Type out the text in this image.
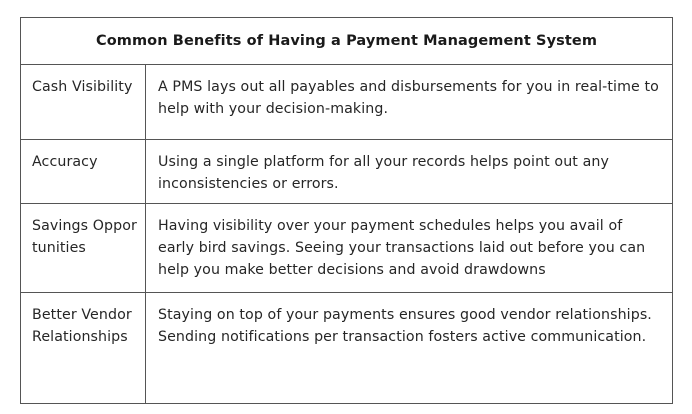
Common Benefits of Having a Payment Management System	
Cash Visibility	A PMS lays out all payables and disbursements for you in real-time to help with your decision-making.
Accuracy	Using a single platform for all your records helps point out any inconsistencies or errors.
Savings Opportunities	Having visibility over your payment schedules helps you avail of early bird savings. Seeing your transactions laid out before you can help you make better decisions and avoid drawdowns
Better Vendor Relationships	Staying on top of your payments ensures good vendor relationships. Sending notifications per transaction fosters active communication.
